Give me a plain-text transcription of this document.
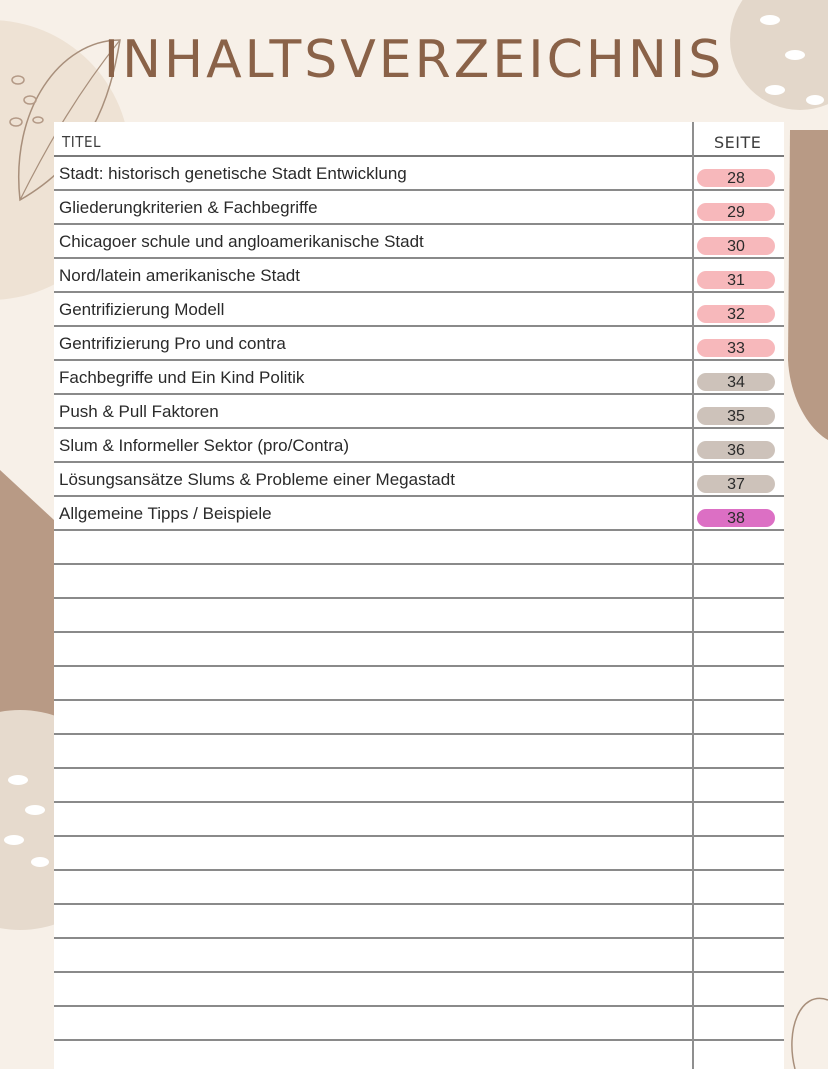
INHALTSVERZEICHNIS
TITEL	SEITE
Stadt: historisch genetische Stadt Entwicklung	28
Gliederungkriterien & Fachbegriffe	29
Chicagoer schule und angloamerikanische Stadt	30
Nord/latein amerikanische Stadt	31
Gentrifizierung Modell	32
Gentrifizierung Pro und contra	33
Fachbegriffe und Ein Kind Politik	34
Push & Pull Faktoren	35
Slum & Informeller Sektor (pro/Contra)	36
Lösungsansätze Slums & Probleme einer Megastadt	37
Allgemeine Tipps / Beispiele	38
